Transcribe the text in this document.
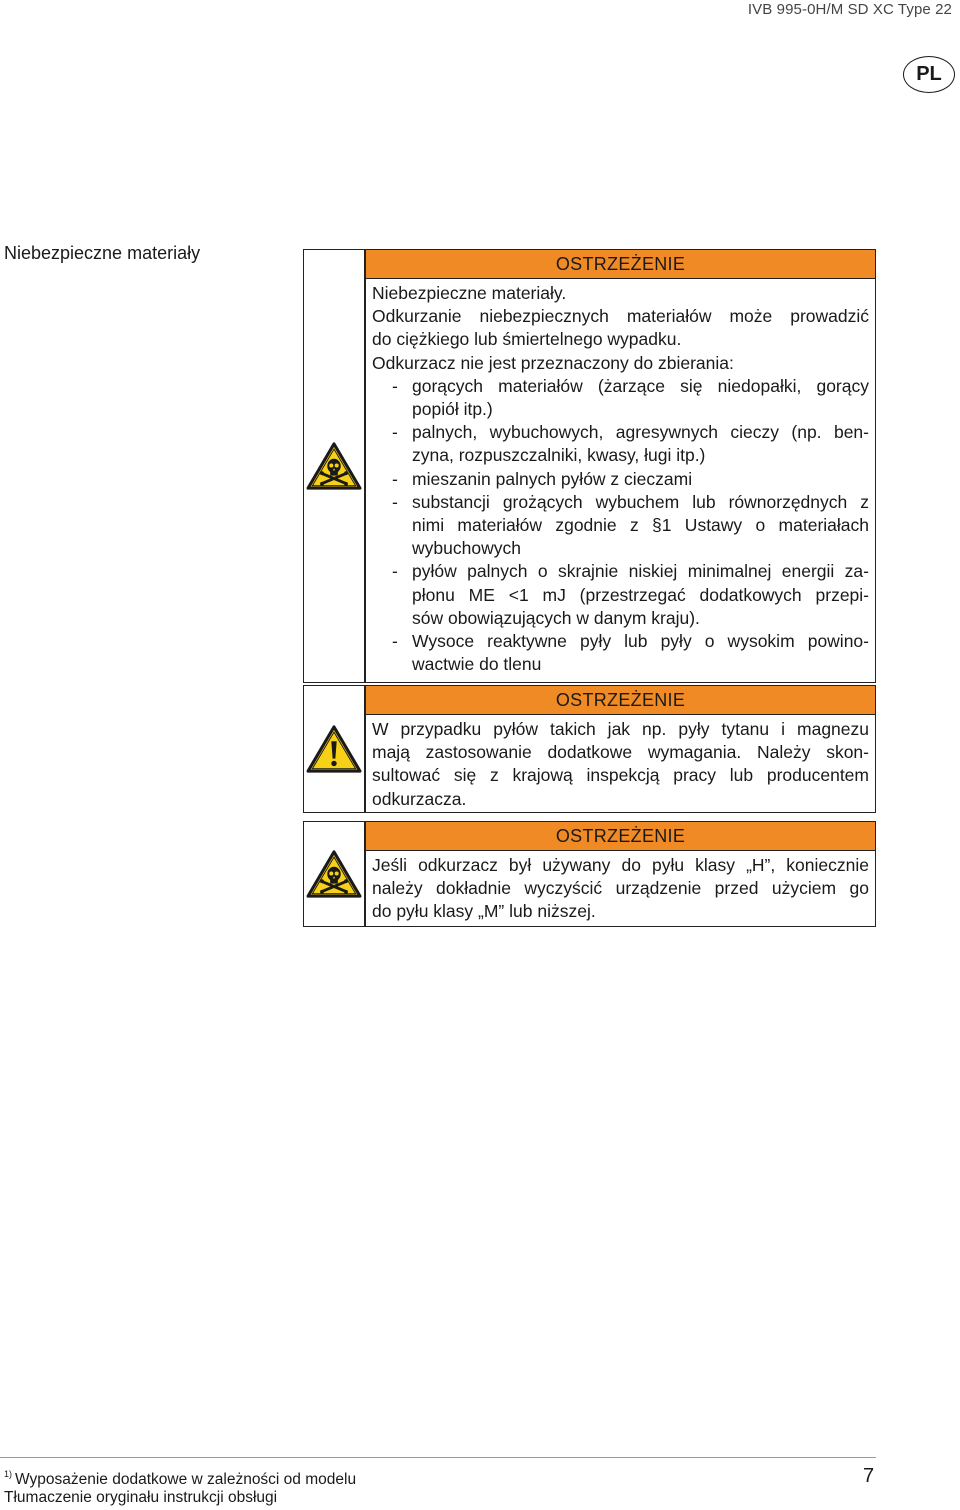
IVB 995-0H/M SD XC Type 22
PL
Niebezpieczne materiały
OSTRZEŻENIE
Niebezpieczne materiały.
Odkurzanie niebezpiecznych materiałów może prowadzić
do ciężkiego lub śmiertelnego wypadku.
Odkurzacz nie jest przeznaczony do zbierania:
- gorących materiałów (żarzące się niedopałki, gorący
popiół itp.)
- palnych, wybuchowych, agresywnych cieczy (np. ben-
zyna, rozpuszczalniki, kwasy, ługi itp.)
- mieszanin palnych pyłów z cieczami
- substancji grożących wybuchem lub równorzędnych z
nimi materiałów zgodnie z §1 Ustawy o materiałach
wybuchowych
- pyłów palnych o skrajnie niskiej minimalnej energii za-
płonu ME <1 mJ (przestrzegać dodatkowych przepi-
sów obowiązujących w danym kraju).
- Wysoce reaktywne pyły lub pyły o wysokim powino-
wactwie do tlenu
OSTRZEŻENIE
W przypadku pyłów takich jak np. pyły tytanu i magnezu
mają zastosowanie dodatkowe wymagania. Należy skon-
sultować się z krajową inspekcją pracy lub producentem
odkurzacza.
OSTRZEŻENIE
Jeśli odkurzacz był używany do pyłu klasy „H”, koniecznie
należy dokładnie wyczyścić urządzenie przed użyciem go
do pyłu klasy „M” lub niższej.
$^{1)}$ Wyposażenie dodatkowe w zależności od modelu
Tłumaczenie oryginału instrukcji obsługi
7
